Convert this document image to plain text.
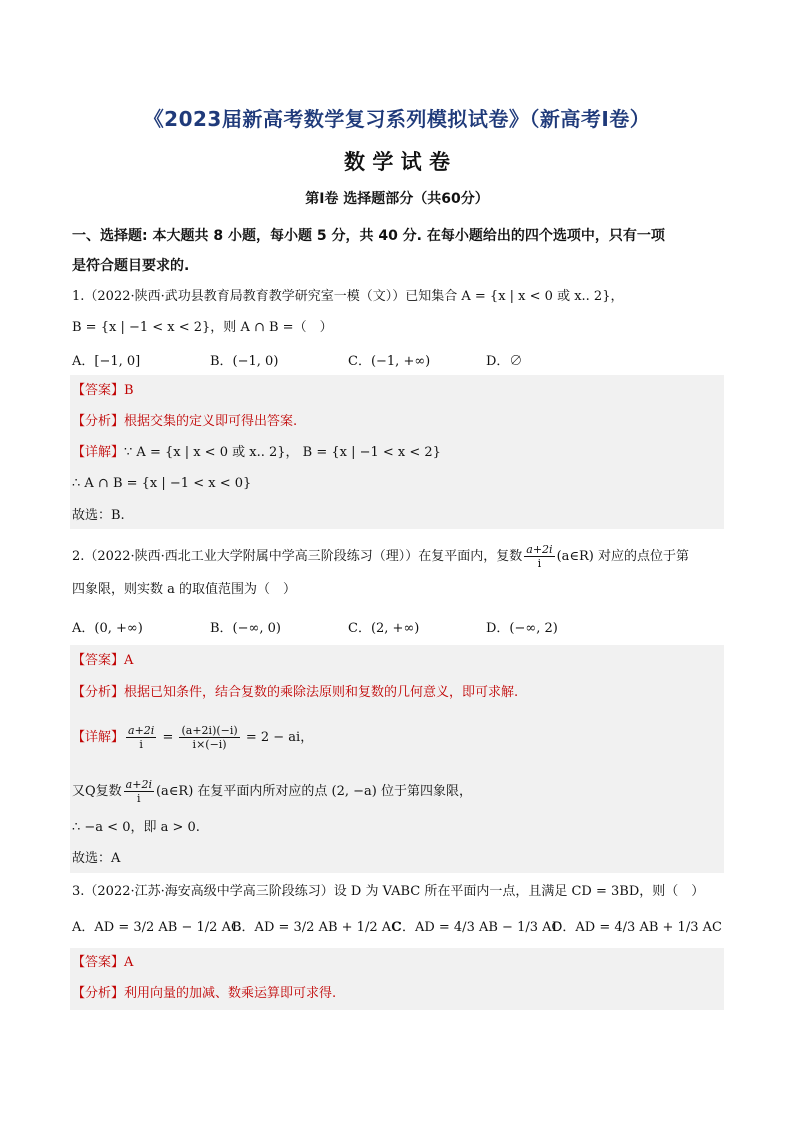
《2023届新高考数学复习系列模拟试卷》（新高考I卷）
数 学 试 卷
第Ⅰ卷 选择题部分（共60分）
一、选择题: 本大题共 8 小题，每小题 5 分，共 40 分. 在每小题给出的四个选项中，只有一项
是符合题目要求的.
1.（2022·陕西·武功县教育局教育教学研究室一模（文））已知集合 A = {x | x < 0 或 x.. 2}，
B = {x | −1 < x < 2}，则 A ∩ B =（　）
A．[−1, 0]	B．(−1, 0)	C．(−1, +∞)	D．∅
【答案】B
【分析】根据交集的定义即可得出答案.
【详解】∵ A = {x | x < 0 或 x.. 2}， B = {x | −1 < x < 2}
∴ A ∩ B = {x | −1 < x < 0}
故选：B.
2.（2022·陕西·西北工业大学附属中学高三阶段练习（理））在复平面内，复数 $\frac{a+2i}{i}$ (a∈R) 对应的点位于第
四象限，则实数 a 的取值范围为（　）
A．(0, +∞)	B．(−∞, 0)	C．(2, +∞)	D．(−∞, 2)
【答案】A
【分析】根据已知条件，结合复数的乘除法原则和复数的几何意义，即可求解.
【详解】 $\frac{a+2i}{i} = \frac{(a+2i)(-i)}{i\times(-i)} = 2$ − ai，
又Q复数 $\frac{a+2i}{i}$ (a∈R) 在复平面内所对应的点 (2, −a) 位于第四象限，
∴ −a < 0，即 a > 0.
故选：A
3.（2022·江苏·海安高级中学高三阶段练习）设 D 为 VABC 所在平面内一点，且满足 CD = 3BD，则（　）
A．AD = 3/2 AB − 1/2 AC
B．AD = 3/2 AB + 1/2 AC
C．AD = 4/3 AB − 1/3 AC
D．AD = 4/3 AB + 1/3 AC
【答案】A
【分析】利用向量的加减、数乘运算即可求得.
